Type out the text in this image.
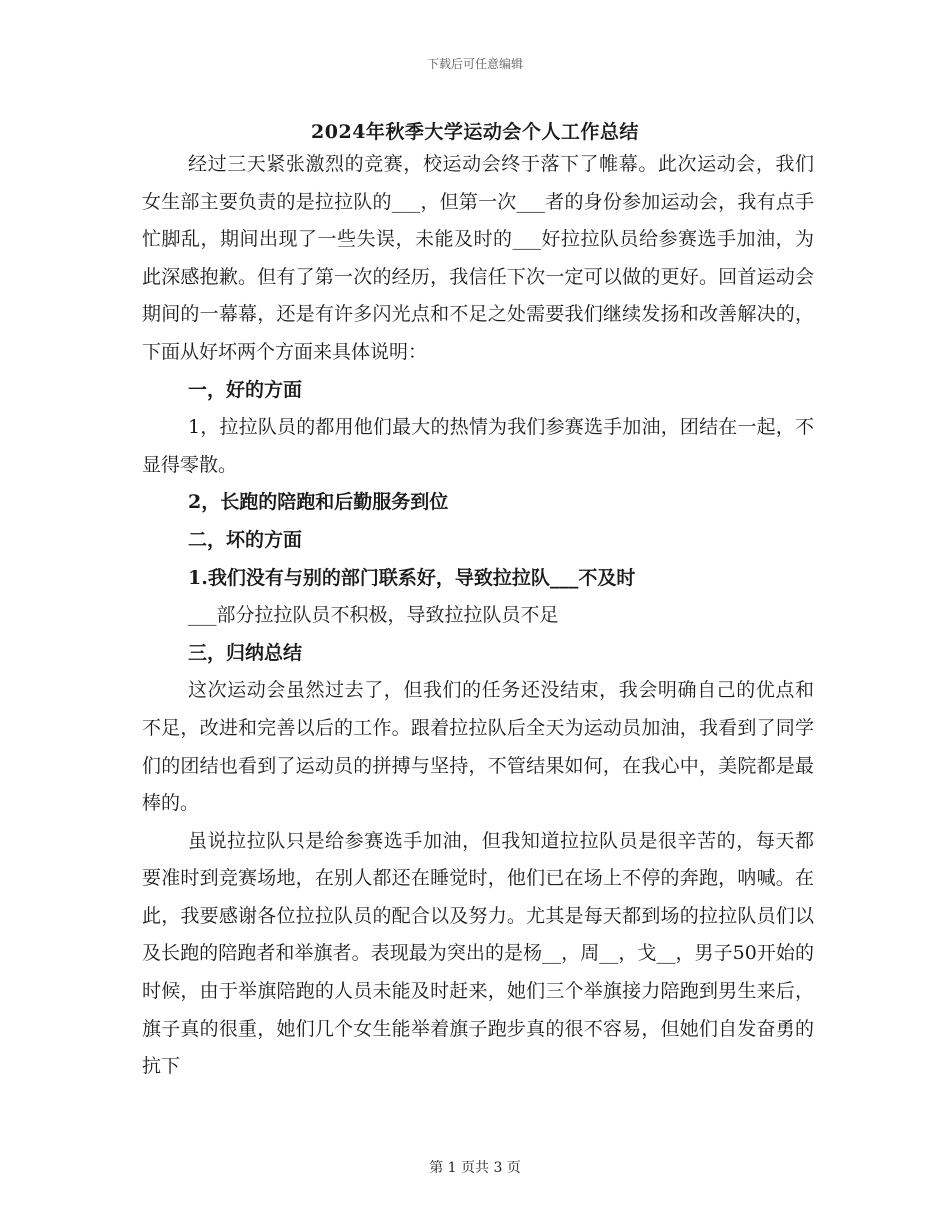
下载后可任意编辑
2024年秋季大学运动会个人工作总结

经过三天紧张激烈的竞赛，校运动会终于落下了帷幕。此次运动会，我们女生部主要负责的是拉拉队的___，但第一次___者的身份参加运动会，我有点手忙脚乱，期间出现了一些失误，未能及时的___好拉拉队员给参赛选手加油，为此深感抱歉。但有了第一次的经历，我信任下次一定可以做的更好。回首运动会期间的一幕幕，还是有许多闪光点和不足之处需要我们继续发扬和改善解决的，下面从好坏两个方面来具体说明：

一，好的方面

1，拉拉队员的都用他们最大的热情为我们参赛选手加油，团结在一起，不显得零散。

2，长跑的陪跑和后勤服务到位

二，坏的方面

1.我们没有与别的部门联系好，导致拉拉队___不及时

___部分拉拉队员不积极，导致拉拉队员不足

三，归纳总结

这次运动会虽然过去了，但我们的任务还没结束，我会明确自己的优点和不足，改进和完善以后的工作。跟着拉拉队后全天为运动员加油，我看到了同学们的团结也看到了运动员的拼搏与坚持，不管结果如何，在我心中，美院都是最棒的。

虽说拉拉队只是给参赛选手加油，但我知道拉拉队员是很辛苦的，每天都要准时到竞赛场地，在别人都还在睡觉时，他们已在场上不停的奔跑，呐喊。在此，我要感谢各位拉拉队员的配合以及努力。尤其是每天都到场的拉拉队员们以及长跑的陪跑者和举旗者。表现最为突出的是杨__，周__，戈__，男子50开始的时候，由于举旗陪跑的人员未能及时赶来，她们三个举旗接力陪跑到男生来后，旗子真的很重，她们几个女生能举着旗子跑步真的很不容易，但她们自发奋勇的抗下

第 1 页共 3 页
